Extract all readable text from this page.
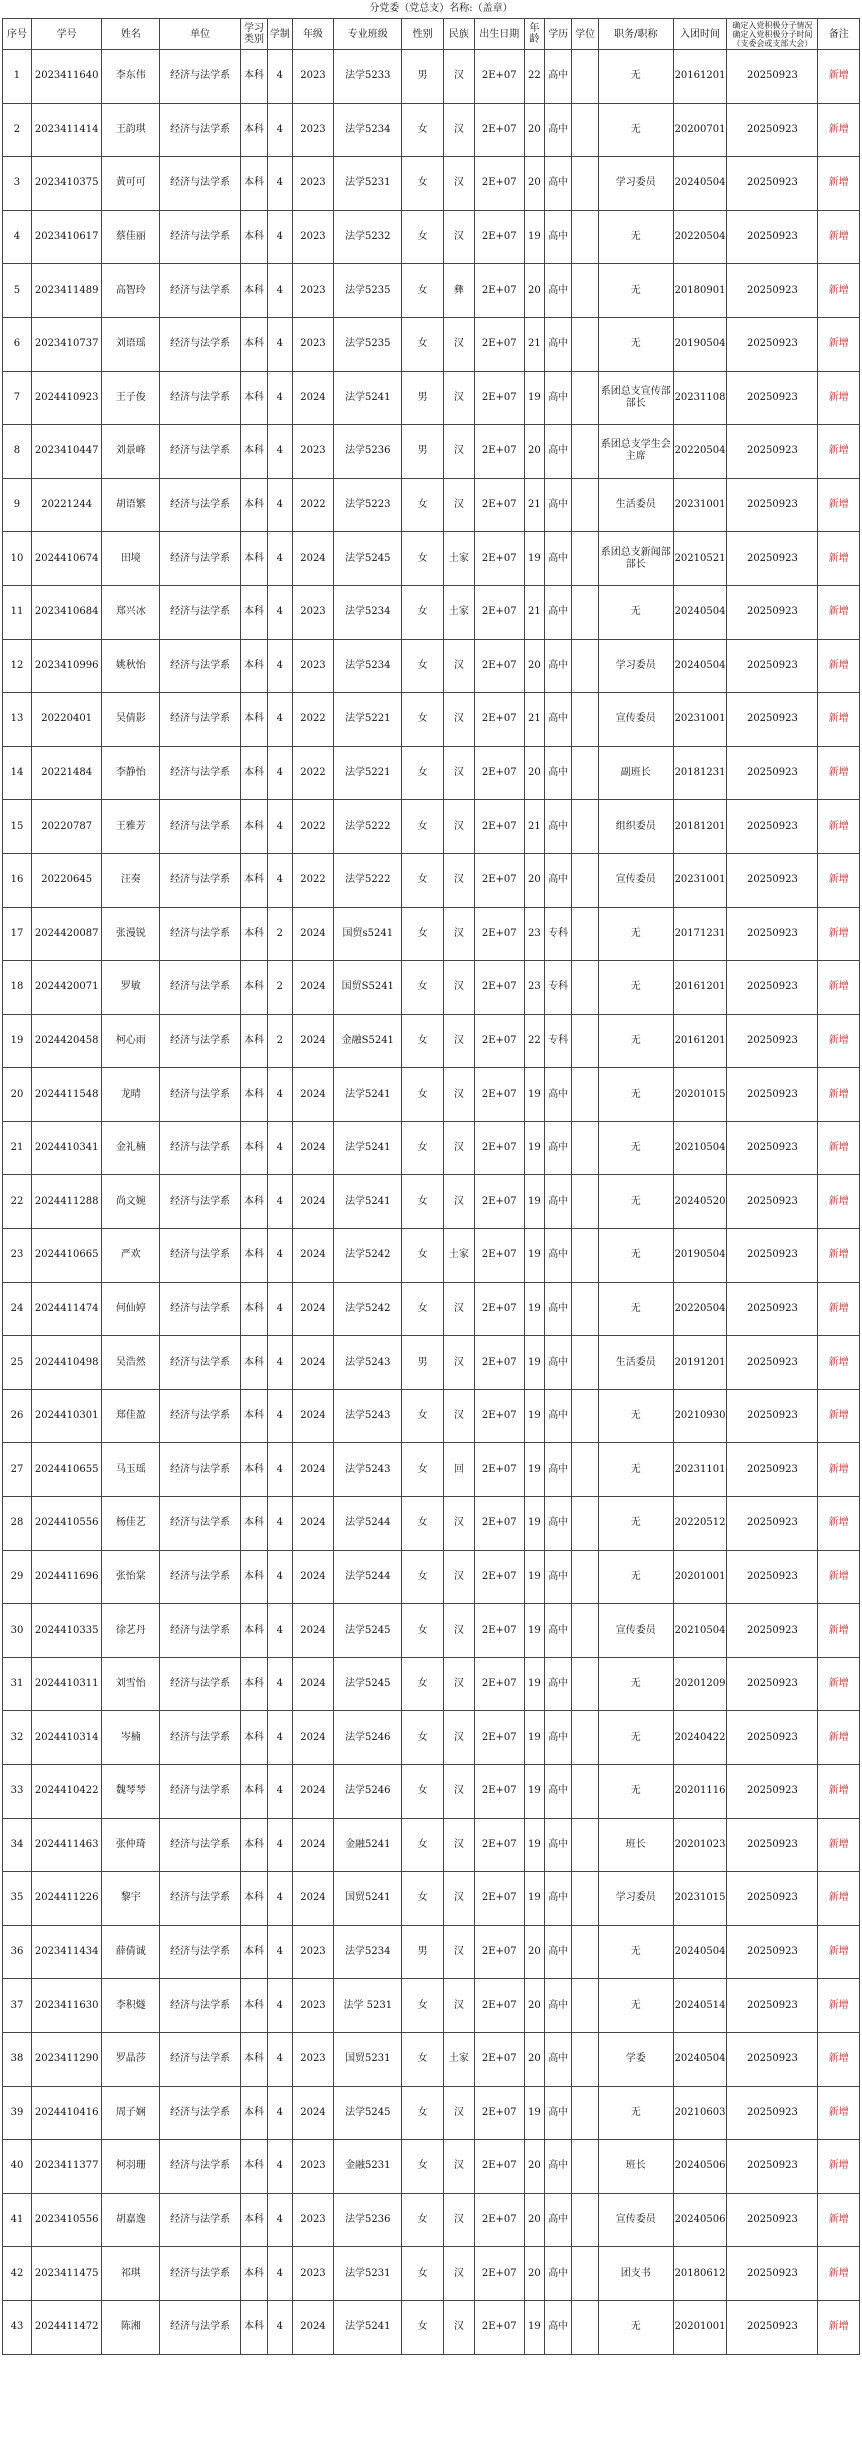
分党委（党总支）名称:（盖章）
序号	学号	姓名	单位	学习类别	学制	年级	专业班级	性别	民族	出生日期	年龄	学历	学位	职务/职称	入团时间	确定入党积极分子情况 确定入党积极分子时间（支委会或支部大会）	备注
1	2023411640	李东伟	经济与法学系	本科	4	2023	法学5233	男	汉	2E+07	22	高中		无	20161201	20250923	新增
2	2023411414	王韵琪	经济与法学系	本科	4	2023	法学5234	女	汉	2E+07	20	高中		无	20200701	20250923	新增
3	2023410375	黄可可	经济与法学系	本科	4	2023	法学5231	女	汉	2E+07	20	高中		学习委员	20240504	20250923	新增
4	2023410617	蔡佳丽	经济与法学系	本科	4	2023	法学5232	女	汉	2E+07	19	高中		无	20220504	20250923	新增
5	2023411489	高智玲	经济与法学系	本科	4	2023	法学5235	女	彝	2E+07	20	高中		无	20180901	20250923	新增
6	2023410737	刘语瑶	经济与法学系	本科	4	2023	法学5235	女	汉	2E+07	21	高中		无	20190504	20250923	新增
7	2024410923	王子俊	经济与法学系	本科	4	2024	法学5241	男	汉	2E+07	19	高中		系团总支宣传部部长	20231108	20250923	新增
8	2023410447	刘景峰	经济与法学系	本科	4	2023	法学5236	男	汉	2E+07	20	高中		系团总支学生会主席	20220504	20250923	新增
9	20221244	胡语繁	经济与法学系	本科	4	2022	法学5223	女	汉	2E+07	21	高中		生活委员	20231001	20250923	新增
10	2024410674	田境	经济与法学系	本科	4	2024	法学5245	女	土家	2E+07	19	高中		系团总支新闻部部长	20210521	20250923	新增
11	2023410684	郑兴冰	经济与法学系	本科	4	2023	法学5234	女	土家	2E+07	21	高中		无	20240504	20250923	新增
12	2023410996	姚秋怡	经济与法学系	本科	4	2023	法学5234	女	汉	2E+07	20	高中		学习委员	20240504	20250923	新增
13	20220401	吴倩影	经济与法学系	本科	4	2022	法学5221	女	汉	2E+07	21	高中		宣传委员	20231001	20250923	新增
14	20221484	李静怡	经济与法学系	本科	4	2022	法学5221	女	汉	2E+07	20	高中		副班长	20181231	20250923	新增
15	20220787	王雅芳	经济与法学系	本科	4	2022	法学5222	女	汉	2E+07	21	高中		组织委员	20181201	20250923	新增
16	20220645	汪奏	经济与法学系	本科	4	2022	法学5222	女	汉	2E+07	20	高中		宣传委员	20231001	20250923	新增
17	2024420087	张漫锐	经济与法学系	本科	2	2024	国贸s5241	女	汉	2E+07	23	专科		无	20171231	20250923	新增
18	2024420071	罗敏	经济与法学系	本科	2	2024	国贸S5241	女	汉	2E+07	23	专科		无	20161201	20250923	新增
19	2024420458	柯心雨	经济与法学系	本科	2	2024	金融S5241	女	汉	2E+07	22	专科		无	20161201	20250923	新增
20	2024411548	龙晴	经济与法学系	本科	4	2024	法学5241	女	汉	2E+07	19	高中		无	20201015	20250923	新增
21	2024410341	金礼楠	经济与法学系	本科	4	2024	法学5241	女	汉	2E+07	19	高中		无	20210504	20250923	新增
22	2024411288	尚文婉	经济与法学系	本科	4	2024	法学5241	女	汉	2E+07	19	高中		无	20240520	20250923	新增
23	2024410665	严欢	经济与法学系	本科	4	2024	法学5242	女	土家	2E+07	19	高中		无	20190504	20250923	新增
24	2024411474	何仙婷	经济与法学系	本科	4	2024	法学5242	女	汉	2E+07	19	高中		无	20220504	20250923	新增
25	2024410498	吴浩然	经济与法学系	本科	4	2024	法学5243	男	汉	2E+07	19	高中		生活委员	20191201	20250923	新增
26	2024410301	郑佳盈	经济与法学系	本科	4	2024	法学5243	女	汉	2E+07	19	高中		无	20210930	20250923	新增
27	2024410655	马玉瑶	经济与法学系	本科	4	2024	法学5243	女	回	2E+07	19	高中		无	20231101	20250923	新增
28	2024410556	杨佳艺	经济与法学系	本科	4	2024	法学5244	女	汉	2E+07	19	高中		无	20220512	20250923	新增
29	2024411696	张怡棠	经济与法学系	本科	4	2024	法学5244	女	汉	2E+07	19	高中		无	20201001	20250923	新增
30	2024410335	徐艺丹	经济与法学系	本科	4	2024	法学5245	女	汉	2E+07	19	高中		宣传委员	20210504	20250923	新增
31	2024410311	刘雪怡	经济与法学系	本科	4	2024	法学5245	女	汉	2E+07	19	高中		无	20201209	20250923	新增
32	2024410314	岑楠	经济与法学系	本科	4	2024	法学5246	女	汉	2E+07	19	高中		无	20240422	20250923	新增
33	2024410422	魏琴琴	经济与法学系	本科	4	2024	法学5246	女	汉	2E+07	19	高中		无	20201116	20250923	新增
34	2024411463	张仲琦	经济与法学系	本科	4	2024	金融5241	女	汉	2E+07	19	高中		班长	20201023	20250923	新增
35	2024411226	黎宇	经济与法学系	本科	4	2024	国贸5241	女	汉	2E+07	19	高中		学习委员	20231015	20250923	新增
36	2023411434	薛倩诚	经济与法学系	本科	4	2023	法学5234	男	汉	2E+07	20	高中		无	20240504	20250923	新增
37	2023411630	李积燧	经济与法学系	本科	4	2023	法学 5231	女	汉	2E+07	20	高中		无	20240514	20250923	新增
38	2023411290	罗晶莎	经济与法学系	本科	4	2023	国贸5231	女	土家	2E+07	20	高中		学委	20240504	20250923	新增
39	2024410416	周子娴	经济与法学系	本科	4	2024	法学5245	女	汉	2E+07	19	高中		无	20210603	20250923	新增
40	2023411377	柯羽珊	经济与法学系	本科	4	2023	金融5231	女	汉	2E+07	20	高中		班长	20240506	20250923	新增
41	2023410556	胡嘉逸	经济与法学系	本科	4	2023	法学5236	女	汉	2E+07	20	高中		宣传委员	20240506	20250923	新增
42	2023411475	祁琪	经济与法学系	本科	4	2023	法学5231	女	汉	2E+07	20	高中		团支书	20180612	20250923	新增
43	2024411472	陈湘	经济与法学系	本科	4	2024	法学5241	女	汉	2E+07	19	高中		无	20201001	20250923	新增
